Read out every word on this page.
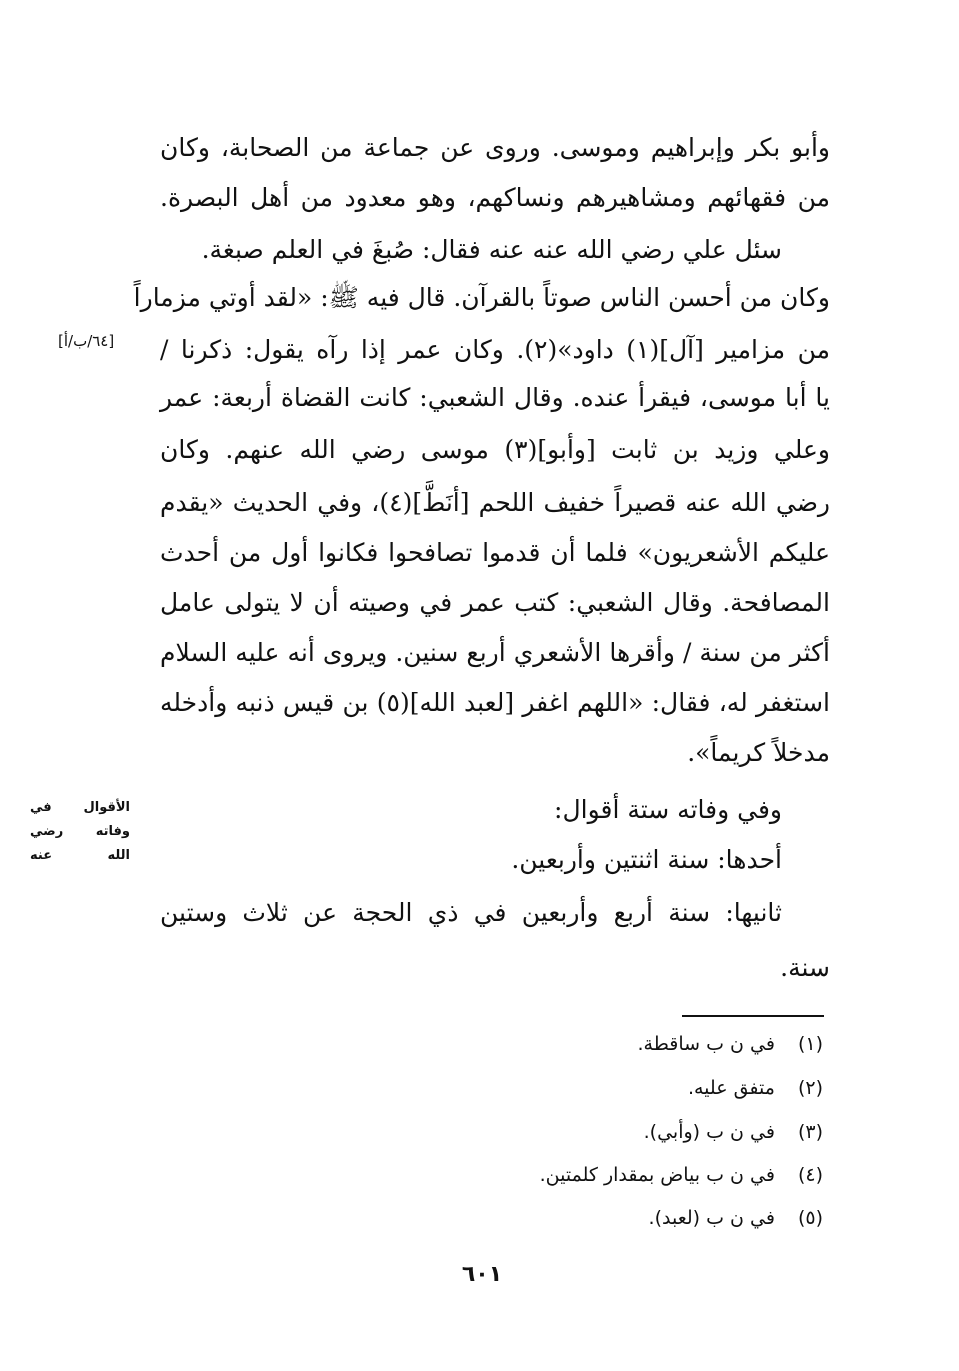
وأبو بكر وإبراهيم وموسى. وروى عن جماعة من الصحابة، وكان
من فقهائهم ومشاهيرهم ونساكهم، وهو معدود من أهل البصرة.
سئل علي رضي الله عنه عنه فقال: صُبغَ في العلم صبغة.
وكان من أحسن الناس صوتاً بالقرآن. قال فيه ﷺ: «لقد أوتي مزماراً
من مزامير [آل](١) داود»(٢). وكان عمر إذا رآه يقول: ذكرنا /
يا أبا موسى، فيقرأ عنده. وقال الشعبي: كانت القضاة أربعة: عمر
وعلي وزيد بن ثابت [وأبو](٣) موسى رضي الله عنهم. وكان
رضي الله عنه قصيراً خفيف اللحم [أنَطَّ](٤)، وفي الحديث «يقدم
عليكم الأشعريون» فلما أن قدموا تصافحوا فكانوا أول من أحدث
المصافحة. وقال الشعبي: كتب عمر في وصيته أن لا يتولى عامل
أكثر من سنة / وأقرها الأشعري أربع سنين. ويروى أنه عليه السلام
استغفر له، فقال: «اللهم اغفر [لعبد الله](٥) بن قيس ذنبه وأدخله
مدخلاً كريماً».
وفي وفاته ستة أقوال:
أحدها: سنة اثنتين وأربعين.
ثانيها: سنة أربع وأربعين في ذي الحجة عن ثلاث وستين
سنة.
[٦٤/ب/أ]
الأقوال في
وفاته رضي
الله عنه
(١) في ن ب ساقطة.
(٢) متفق عليه.
(٣) في ن ب (وأبي).
(٤) في ن ب بياض بمقدار كلمتين.
(٥) في ن ب (لعبد).
٦٠١
